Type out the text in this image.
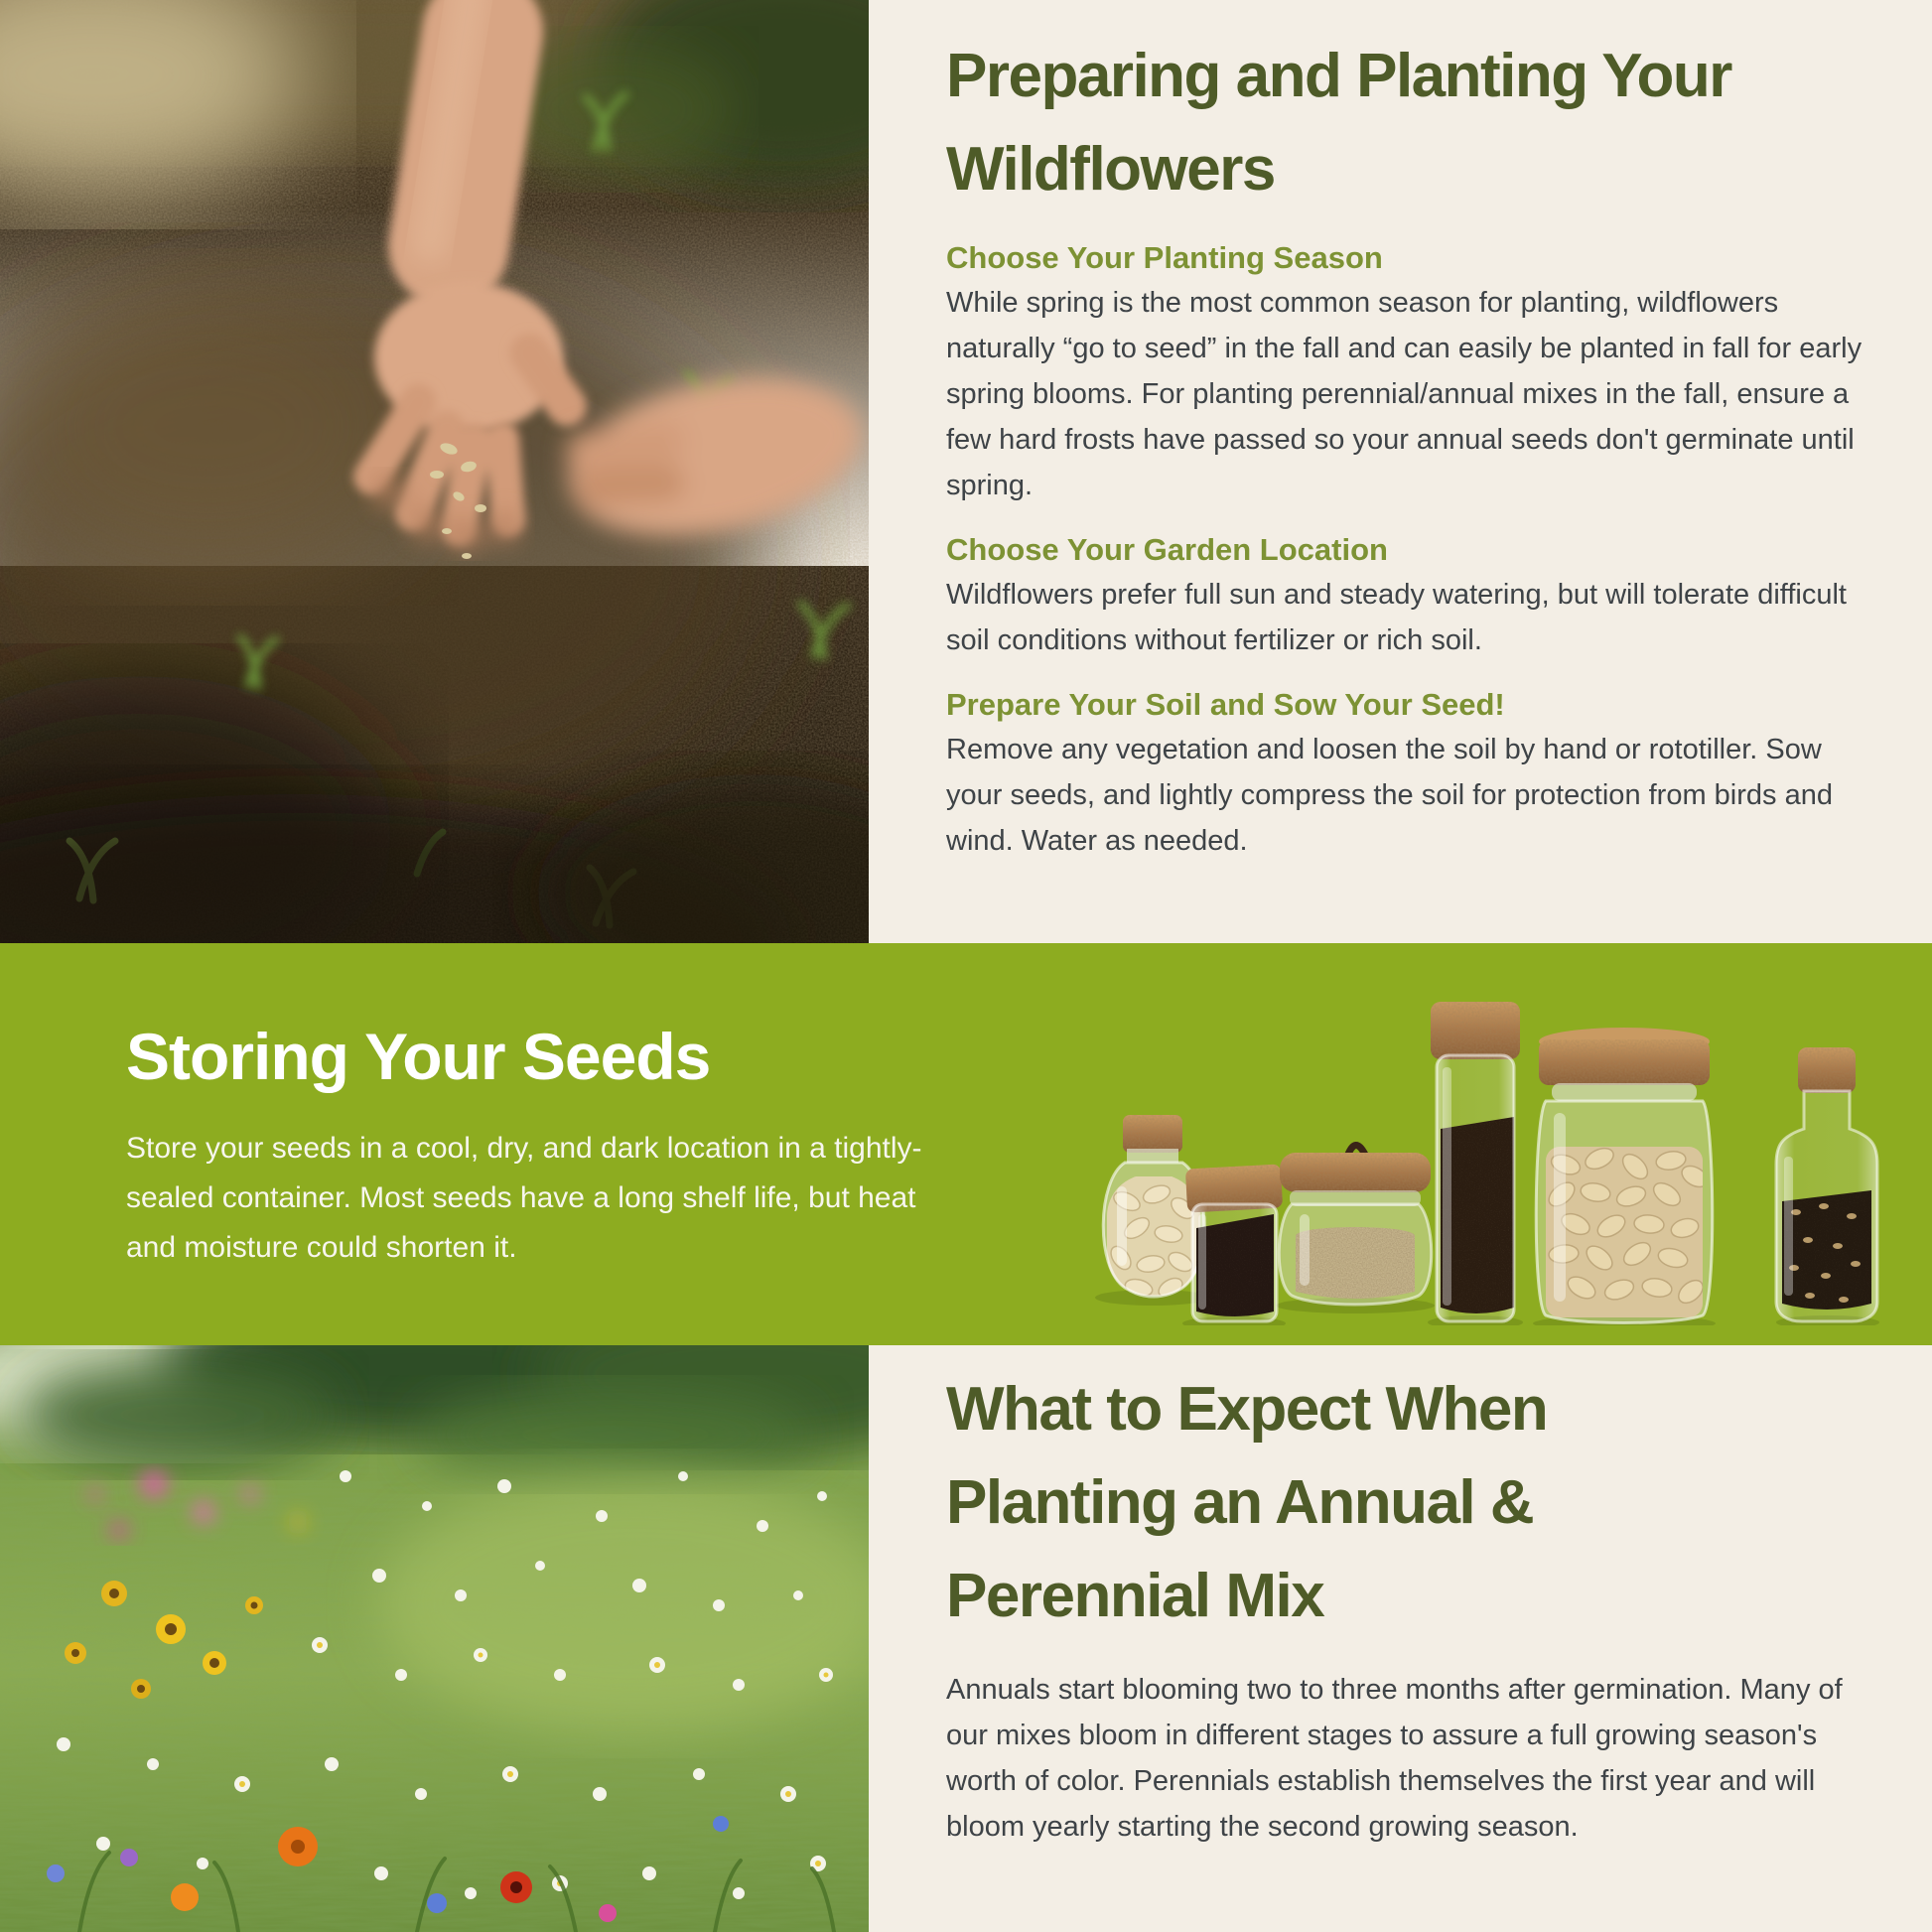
Preparing and Planting Your Wildflowers
Choose Your Planting Season

While spring is the most common season for planting, wildflowers naturally “go to seed” in the fall and can easily be planted in fall for early spring blooms. For planting perennial/annual mixes in the fall, ensure a few hard frosts have passed so your annual seeds don't germinate until spring.

Choose Your Garden Location

Wildflowers prefer full sun and steady watering, but will tolerate difficult soil conditions without fertilizer or rich soil.

Prepare Your Soil and Sow Your Seed!

Remove any vegetation and loosen the soil by hand or rototiller. Sow your seeds, and lightly compress the soil for protection from birds and wind. Water as needed.

Storing Your Seeds

Store your seeds in a cool, dry, and dark location in a tightly-sealed container. Most seeds have a long shelf life, but heat and moisture could shorten it.

What to Expect When Planting an Annual & Perennial Mix

Annuals start blooming two to three months after germination. Many of our mixes bloom in different stages to assure a full growing season's worth of color. Perennials establish themselves the first year and will bloom yearly starting the second growing season.
